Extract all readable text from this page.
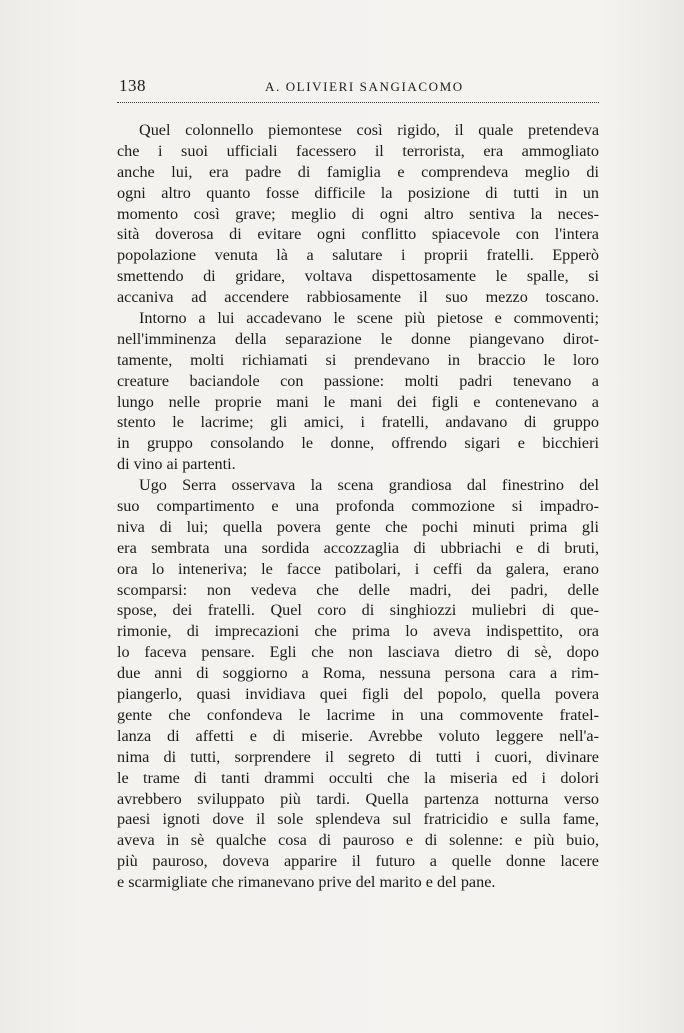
138	A. OLIVIERI SANGIACOMO
Quel colonnello piemontese così rigido, il quale pretendeva
che i suoi ufficiali facessero il terrorista, era ammogliato
anche lui, era padre di famiglia e comprendeva meglio di
ogni altro quanto fosse difficile la posizione di tutti in un
momento così grave; meglio di ogni altro sentiva la neces-
sità doverosa di evitare ogni conflitto spiacevole con l'intera
popolazione venuta là a salutare i proprii fratelli. Epperò
smettendo di gridare, voltava dispettosamente le spalle, si
accaniva ad accendere rabbiosamente il suo mezzo toscano.
Intorno a lui accadevano le scene più pietose e commoventi;
nell'imminenza della separazione le donne piangevano dirot-
tamente, molti richiamati si prendevano in braccio le loro
creature baciandole con passione: molti padri tenevano a
lungo nelle proprie mani le mani dei figli e contenevano a
stento le lacrime; gli amici, i fratelli, andavano di gruppo
in gruppo consolando le donne, offrendo sigari e bicchieri
di vino ai partenti.
Ugo Serra osservava la scena grandiosa dal finestrino del
suo compartimento e una profonda commozione si impadro-
niva di lui; quella povera gente che pochi minuti prima gli
era sembrata una sordida accozzaglia di ubbriachi e di bruti,
ora lo inteneriva; le facce patibolari, i ceffi da galera, erano
scomparsi: non vedeva che delle madri, dei padri, delle
spose, dei fratelli. Quel coro di singhiozzi muliebri di que-
rimonie, di imprecazioni che prima lo aveva indispettito, ora
lo faceva pensare. Egli che non lasciava dietro di sè, dopo
due anni di soggiorno a Roma, nessuna persona cara a rim-
piangerlo, quasi invidiava quei figli del popolo, quella povera
gente che confondeva le lacrime in una commovente fratel-
lanza di affetti e di miserie. Avrebbe voluto leggere nell'a-
nima di tutti, sorprendere il segreto di tutti i cuori, divinare
le trame di tanti drammi occulti che la miseria ed i dolori
avrebbero sviluppato più tardi. Quella partenza notturna verso
paesi ignoti dove il sole splendeva sul fratricidio e sulla fame,
aveva in sè qualche cosa di pauroso e di solenne: e più buio,
più pauroso, doveva apparire il futuro a quelle donne lacere
e scarmigliate che rimanevano prive del marito e del pane.
